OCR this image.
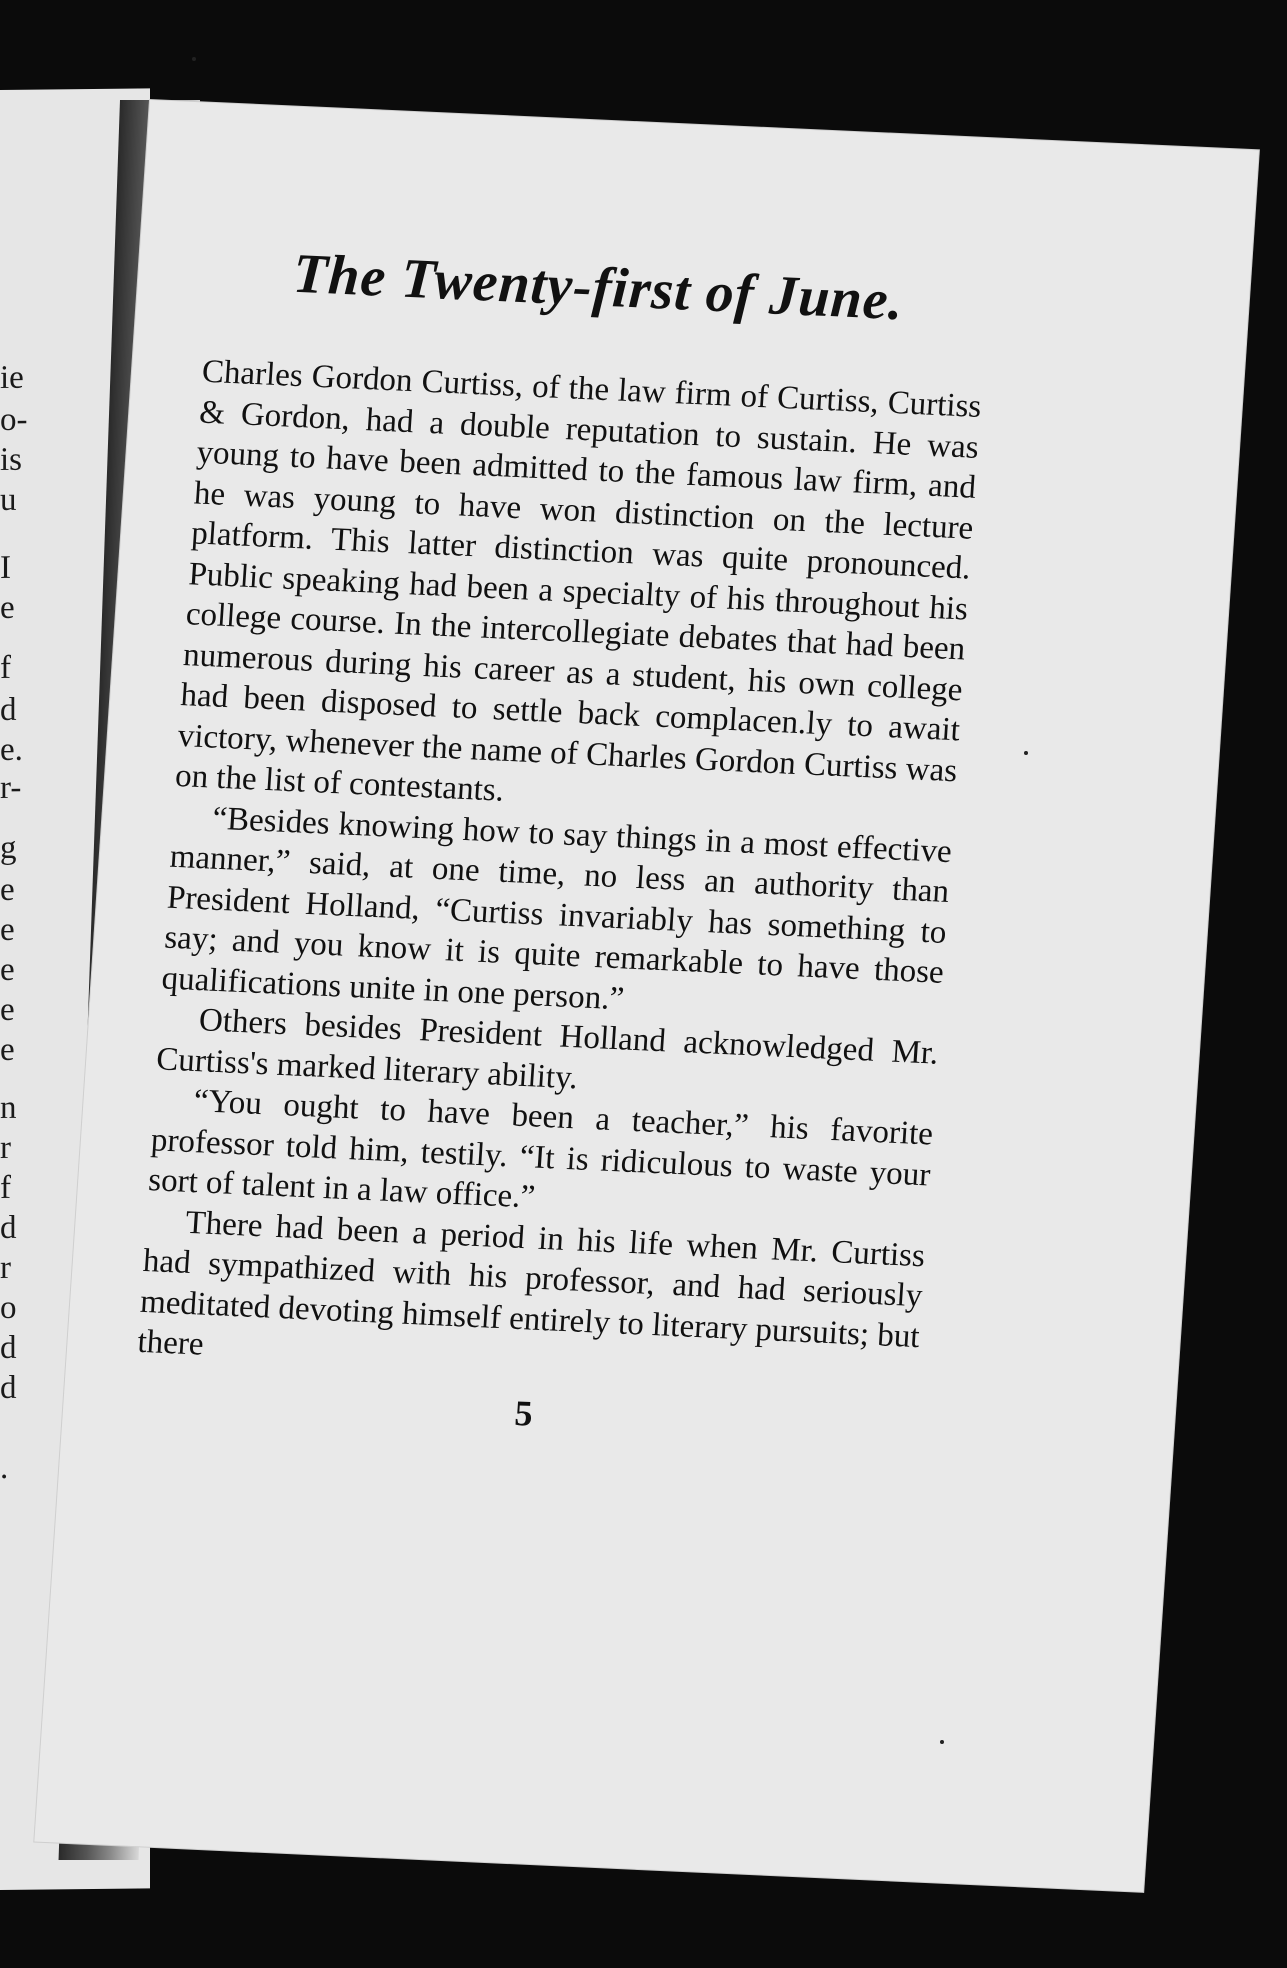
ie
o-
is
u
I
e
f
d
e.
r-
g
e
e
e
e
e
n
r
f
d
r
o
d
d
.
The Twenty-first of June.

Charles Gordon Curtiss, of the law firm of Curtiss, Curtiss & Gordon, had a double reputation to sustain. He was young to have been admitted to the famous law firm, and he was young to have won distinction on the lecture platform. This latter distinction was quite pronounced. Public speaking had been a specialty of his throughout his college course. In the intercollegiate debates that had been numerous during his career as a student, his own college had been disposed to settle back complacen.ly to await victory, whenever the name of Charles Gordon Curtiss was on the list of contestants.

“Besides knowing how to say things in a most effective manner,” said, at one time, no less an authority than President Holland, “Curtiss invariably has something to say; and you know it is quite remarkable to have those qualifications unite in one person.”

Others besides President Holland acknowledged Mr. Curtiss's marked literary ability.

“You ought to have been a teacher,” his favorite professor told him, testily. “It is ridiculous to waste your sort of talent in a law office.”

There had been a period in his life when Mr. Curtiss had sympathized with his professor, and had seriously meditated devoting himself entirely to literary pursuits; but there

5
